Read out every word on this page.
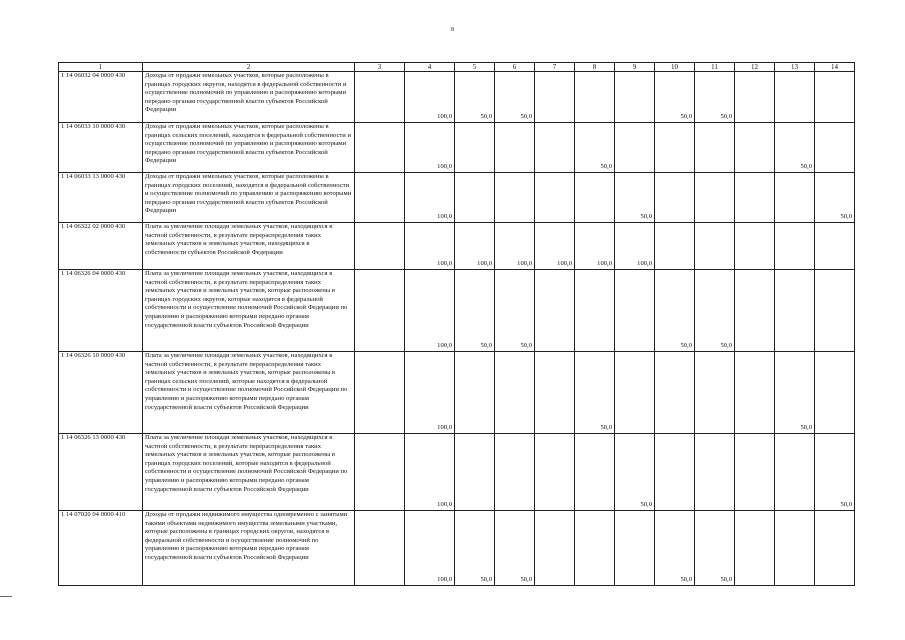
8
1	2	3	4	5	6	7	8	9	10	11	12	13	14
1 14 06032 04 0000 430	Доходы от продажи земельных участков, которые расположены в границах городских округов, находятся в федеральной собственности и осуществление полномочий по управлению и распоряжению которыми передано органам государственной власти субъектов Российской Федерации		100,0	50,0	50,0				50,0	50,0			
1 14 06033 10 0000 430	Доходы от продажи земельных участков, которые расположены в границах сельских поселений, находятся в федеральной собственности и осуществление полномочий по управлению и распоряжению которыми передано органам государственной власти субъектов Российской Федерации		100,0				50,0					50,0	
1 14 06033 13 0000 430	Доходы от продажи земельных участков, которые расположены в границах городских поселений, находятся в федеральной собственности и осуществление полномочий по управлению и распоряжению которыми передано органам государственной власти субъектов Российской Федерации		100,0					50,0					50,0
1 14 06322 02 0000 430	Плата за увеличение площади земельных участков, находящихся в частной собственности, в результате перераспределения таких земельных участков и земельных участков, находящихся в собственности субъектов Российской Федерации		100,0	100,0	100,0	100,0	100,0	100,0					
1 14 06326 04 0000 430	Плата за увеличение площади земельных участков, находящихся в частной собственности, в результате перераспределения таких земельных участков и земельных участков, которые расположены в границах городских округов, которые находятся в федеральной собственности и осуществление полномочий Российской Федерации по управлению и распоряжению которыми передано органам государственной власти субъектов Российской Федерации		100,0	50,0	50,0				50,0	50,0			
1 14 06326 10 0000 430	Плата за увеличение площади земельных участков, находящихся в частной собственности, в результате перераспределения таких земельных участков и земельных участков, которые расположены в границах сельских поселений, которые находятся в федеральной собственности и осуществление полномочий Российской Федерации по управлению и распоряжению которыми передано органам государственной власти субъектов Российской Федерации		100,0				50,0					50,0	
1 14 06326 13 0000 430	Плата за увеличение площади земельных участков, находящихся в частной собственности, в результате перераспределения таких земельных участков и земельных участков, которые расположены в границах городских поселений, которые находятся в федеральной собственности и осуществление полномочий Российской Федерации по управлению и распоряжению которыми передано органам государственной власти субъектов Российской Федерации		100,0					50,0					50,0
1 14 07020 04 0000 410	Доходы от продажи недвижимого имущества одновременно с занятыми такими объектами недвижимого имущества земельными участками, которые расположены в границах городских округов, находятся в федеральной собственности и осуществление полномочий по управлению и распоряжению которыми передано органам государственной власти субъектов Российской Федерации		100,0	50,0	50,0				50,0	50,0			
